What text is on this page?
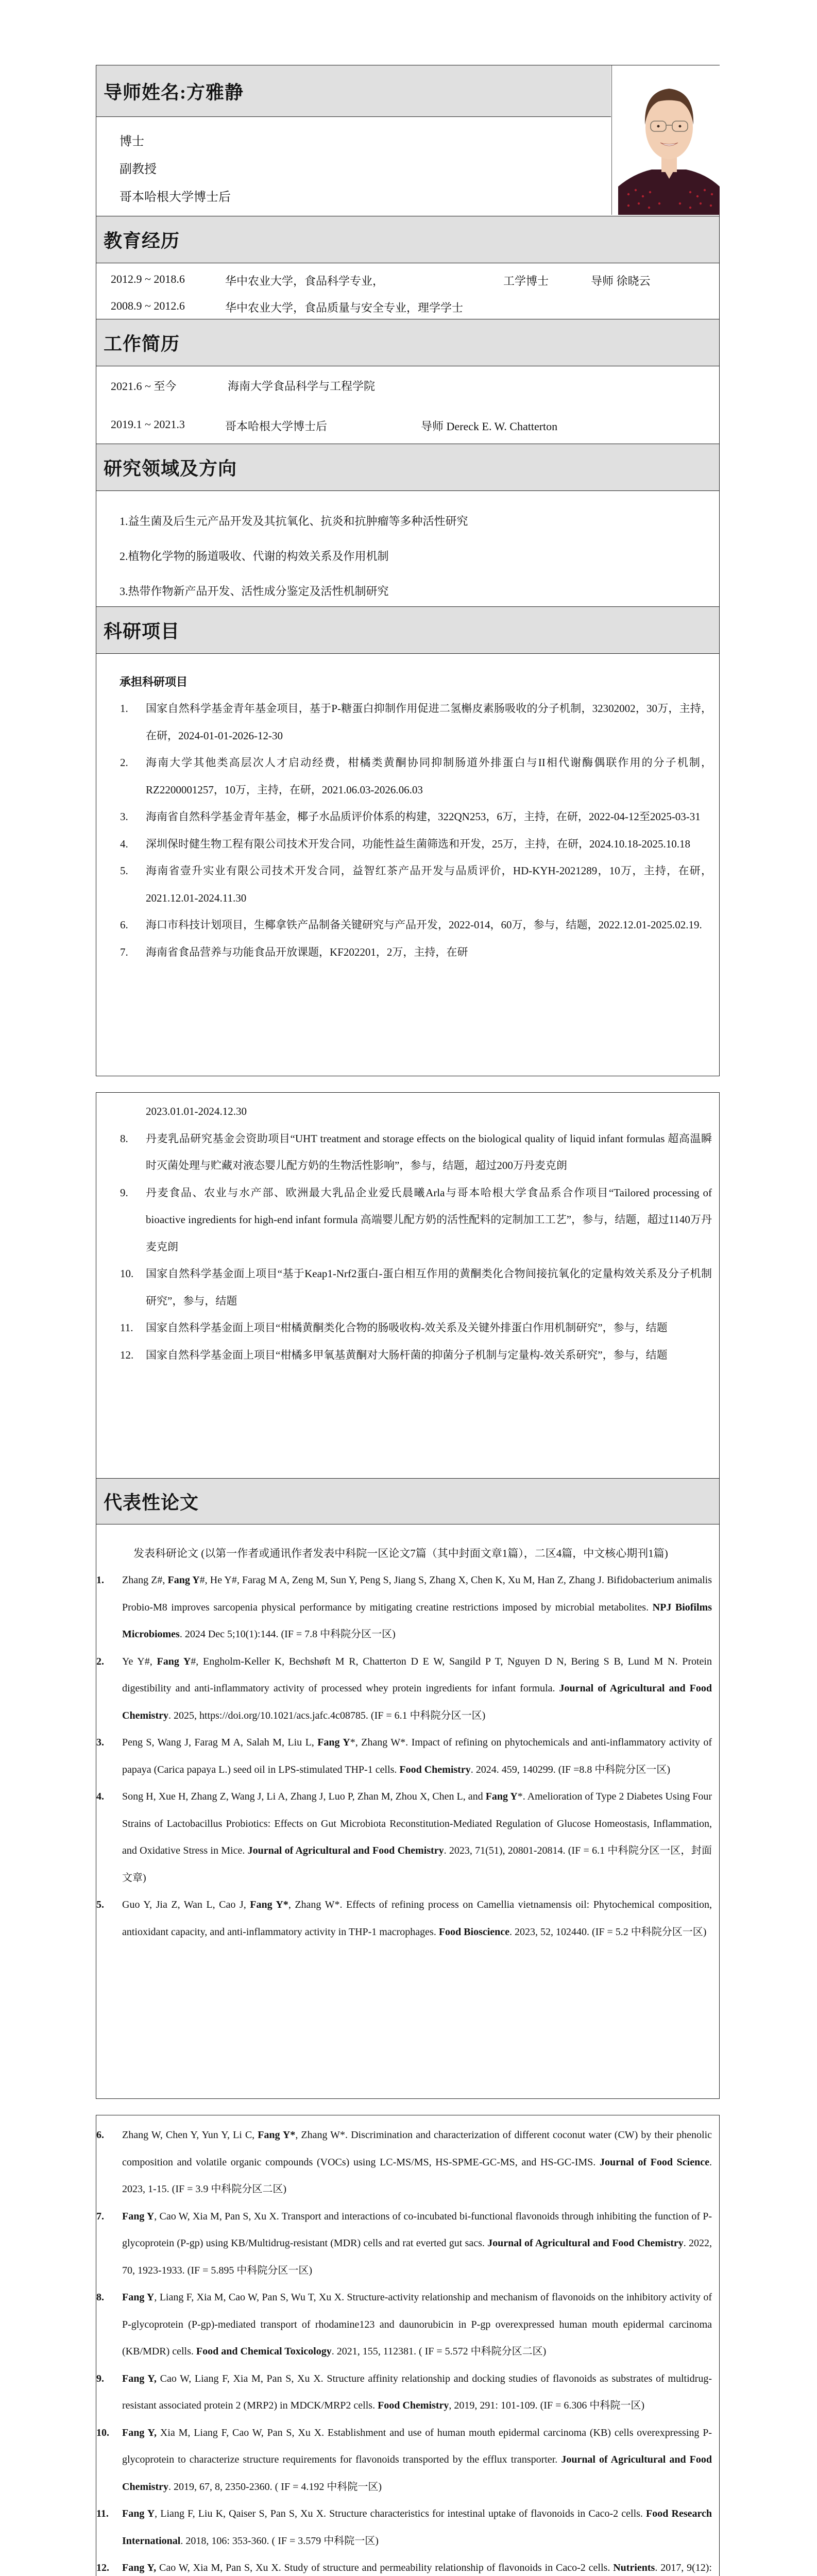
导师姓名:方雅静
博士
副教授
哥本哈根大学博士后
教育经历
2012.9 ~ 2018.6	华中农业大学，食品科学专业，	工学博士	导师 徐晓云
2008.9 ~ 2012.6	华中农业大学，食品质量与安全专业，理学学士
工作简历
2021.6 ~ 至今	海南大学食品科学与工程学院
2019.1 ~ 2021.3	哥本哈根大学博士后	导师 Dereck E. W. Chatterton
研究领域及方向
1.益生菌及后生元产品开发及其抗氧化、抗炎和抗肿瘤等多种活性研究
2.植物化学物的肠道吸收、代谢的构效关系及作用机制
3.热带作物新产品开发、活性成分鉴定及活性机制研究
科研项目
承担科研项目
1. 国家自然科学基金青年基金项目，基于P-糖蛋白抑制作用促进二氢槲皮素肠吸收的分子机制，32302002，30万，主持，在研，2024-01-01-2026-12-30
2. 海南大学其他类高层次人才启动经费，柑橘类黄酮协同抑制肠道外排蛋白与II相代谢酶偶联作用的分子机制，RZ2200001257，10万，主持，在研，2021.06.03-2026.06.03
3. 海南省自然科学基金青年基金，椰子水品质评价体系的构建，322QN253，6万，主持，在研，2022-04-12至2025-03-31
4. 深圳保时健生物工程有限公司技术开发合同，功能性益生菌筛选和开发，25万，主持，在研，2024.10.18-2025.10.18
5. 海南省壹升实业有限公司技术开发合同，益智红茶产品开发与品质评价，HD-KYH-2021289，10万，主持，在研，2021.12.01-2024.11.30
6. 海口市科技计划项目，生椰拿铁产品制备关键研究与产品开发，2022-014，60万，参与，结题，2022.12.01-2025.02.19.
7. 海南省食品营养与功能食品开放课题，KF202201，2万，主持，在研
2023.01.01-2024.12.30
8. 丹麦乳品研究基金会资助项目“UHT treatment and storage effects on the biological quality of liquid infant formulas 超高温瞬时灭菌处理与贮藏对液态婴儿配方奶的生物活性影响”，参与，结题，超过200万丹麦克朗
9. 丹麦食品、农业与水产部、欧洲最大乳品企业爱氏晨曦Arla与哥本哈根大学食品系合作项目“Tailored processing of bioactive ingredients for high-end infant formula 高端婴儿配方奶的活性配料的定制加工工艺”，参与，结题，超过1140万丹麦克朗
10. 国家自然科学基金面上项目“基于Keap1-Nrf2蛋白-蛋白相互作用的黄酮类化合物间接抗氧化的定量构效关系及分子机制研究”，参与，结题
11. 国家自然科学基金面上项目“柑橘黄酮类化合物的肠吸收构-效关系及关键外排蛋白作用机制研究”，参与，结题
12. 国家自然科学基金面上项目“柑橘多甲氧基黄酮对大肠杆菌的抑菌分子机制与定量构-效关系研究”，参与，结题
代表性论文
发表科研论文 (以第一作者或通讯作者发表中科院一区论文7篇（其中封面文章1篇），二区4篇，中文核心期刊1篇)
1. Zhang Z#, Fang Y#, He Y#, Farag M A, Zeng M, Sun Y, Peng S, Jiang S, Zhang X, Chen K, Xu M, Han Z, Zhang J. Bifidobacterium animalis Probio-M8 improves sarcopenia physical performance by mitigating creatine restrictions imposed by microbial metabolites. NPJ Biofilms Microbiomes. 2024 Dec 5;10(1):144. (IF = 7.8 中科院分区一区)
2. Ye Y#, Fang Y#, Engholm-Keller K, Bechshøft M R, Chatterton D E W, Sangild P T, Nguyen D N, Bering S B, Lund M N. Protein digestibility and anti-inflammatory activity of processed whey protein ingredients for infant formula. Journal of Agricultural and Food Chemistry. 2025, https://doi.org/10.1021/acs.jafc.4c08785. (IF = 6.1 中科院分区一区)
3. Peng S, Wang J, Farag M A, Salah M, Liu L, Fang Y*, Zhang W*. Impact of refining on phytochemicals and anti-inflammatory activity of papaya (Carica papaya L.) seed oil in LPS-stimulated THP-1 cells. Food Chemistry. 2024. 459, 140299. (IF =8.8 中科院分区一区)
4. Song H, Xue H, Zhang Z, Wang J, Li A, Zhang J, Luo P, Zhan M, Zhou X, Chen L, and Fang Y*. Amelioration of Type 2 Diabetes Using Four Strains of Lactobacillus Probiotics: Effects on Gut Microbiota Reconstitution-Mediated Regulation of Glucose Homeostasis, Inflammation, and Oxidative Stress in Mice. Journal of Agricultural and Food Chemistry. 2023, 71(51), 20801-20814. (IF = 6.1 中科院分区一区，封面文章)
5. Guo Y, Jia Z, Wan L, Cao J, Fang Y*, Zhang W*. Effects of refining process on Camellia vietnamensis oil: Phytochemical composition, antioxidant capacity, and anti-inflammatory activity in THP-1 macrophages. Food Bioscience. 2023, 52, 102440. (IF = 5.2 中科院分区一区)
6. Zhang W, Chen Y, Yun Y, Li C, Fang Y*, Zhang W*. Discrimination and characterization of different coconut water (CW) by their phenolic composition and volatile organic compounds (VOCs) using LC-MS/MS, HS-SPME-GC-MS, and HS-GC-IMS. Journal of Food Science. 2023, 1-15. (IF = 3.9 中科院分区二区)
7. Fang Y, Cao W, Xia M, Pan S, Xu X. Transport and interactions of co-incubated bi-functional flavonoids through inhibiting the function of P-glycoprotein (P-gp) using KB/Multidrug-resistant (MDR) cells and rat everted gut sacs. Journal of Agricultural and Food Chemistry. 2022, 70, 1923-1933. (IF = 5.895 中科院分区一区)
8. Fang Y, Liang F, Xia M, Cao W, Pan S, Wu T, Xu X. Structure-activity relationship and mechanism of flavonoids on the inhibitory activity of P-glycoprotein (P-gp)-mediated transport of rhodamine123 and daunorubicin in P-gp overexpressed human mouth epidermal carcinoma (KB/MDR) cells. Food and Chemical Toxicology. 2021, 155, 112381. ( IF = 5.572 中科院分区二区)
9. Fang Y, Cao W, Liang F, Xia M, Pan S, Xu X. Structure affinity relationship and docking studies of flavonoids as substrates of multidrug-resistant associated protein 2 (MRP2) in MDCK/MRP2 cells. Food Chemistry, 2019, 291: 101-109. (IF = 6.306 中科院一区)
10. Fang Y, Xia M, Liang F, Cao W, Pan S, Xu X. Establishment and use of human mouth epidermal carcinoma (KB) cells overexpressing P-glycoprotein to characterize structure requirements for flavonoids transported by the efflux transporter. Journal of Agricultural and Food Chemistry. 2019, 67, 8, 2350-2360. ( IF = 4.192 中科院一区)
11. Fang Y, Liang F, Liu K, Qaiser S, Pan S, Xu X. Structure characteristics for intestinal uptake of flavonoids in Caco-2 cells. Food Research International. 2018, 106: 353-360. ( IF = 3.579 中科院一区)
12. Fang Y, Cao W, Xia M, Pan S, Xu X. Study of structure and permeability relationship of flavonoids in Caco-2 cells. Nutrients. 2017, 9(12):
